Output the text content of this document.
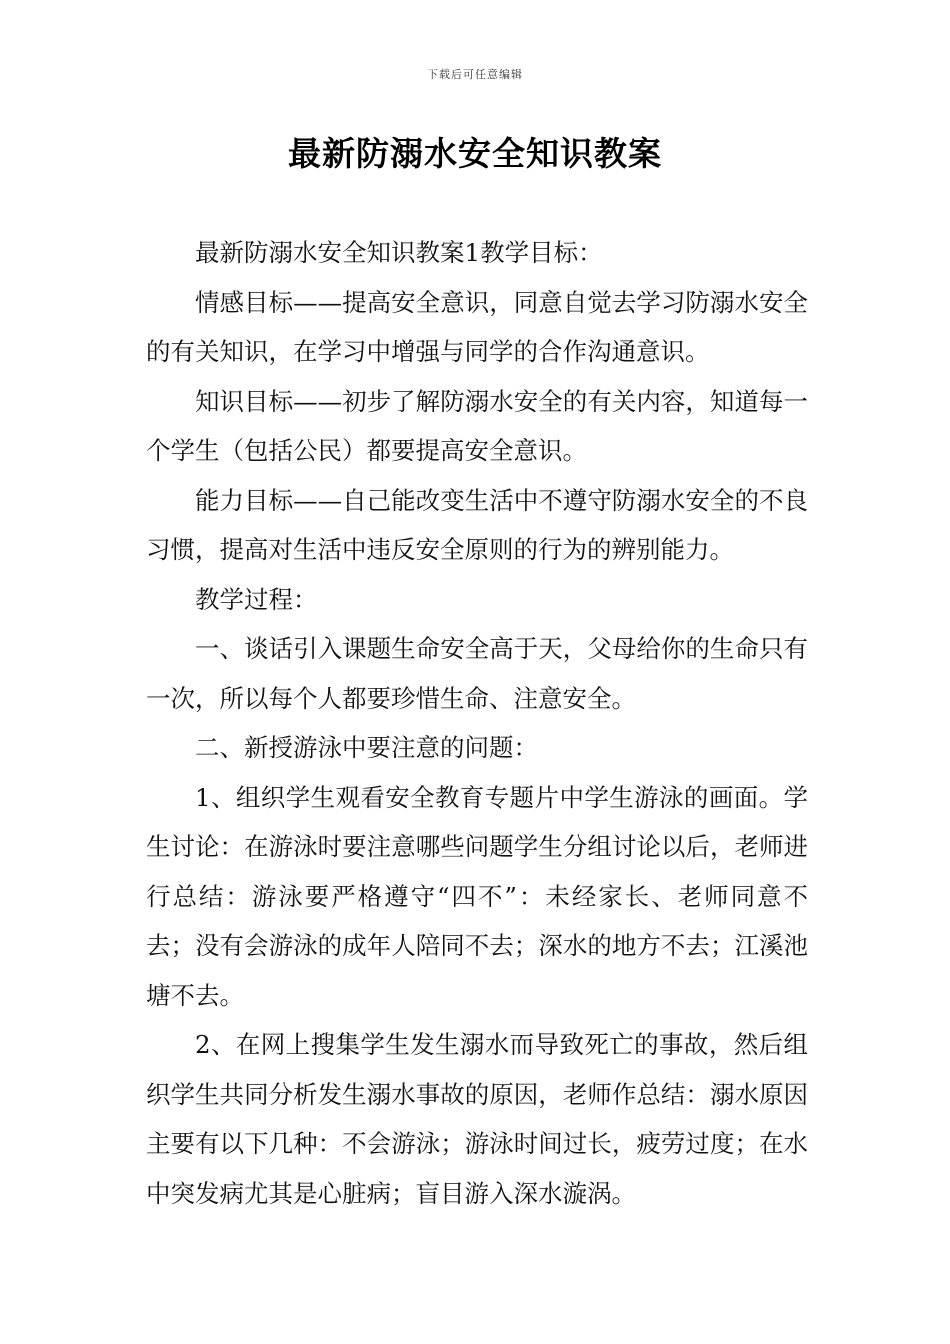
下载后可任意编辑
最新防溺水安全知识教案

最新防溺水安全知识教案1教学目标：

情感目标——提高安全意识，同意自觉去学习防溺水安全的有关知识，在学习中增强与同学的合作沟通意识。

知识目标——初步了解防溺水安全的有关内容，知道每一个学生（包括公民）都要提高安全意识。

能力目标——自己能改变生活中不遵守防溺水安全的不良习惯，提高对生活中违反安全原则的行为的辨别能力。

教学过程：

一、谈话引入课题生命安全高于天，父母给你的生命只有一次，所以每个人都要珍惜生命、注意安全。

二、新授游泳中要注意的问题：

1、组织学生观看安全教育专题片中学生游泳的画面。学生讨论：在游泳时要注意哪些问题学生分组讨论以后，老师进行总结：游泳要严格遵守“四不”：未经家长、老师同意不去；没有会游泳的成年人陪同不去；深水的地方不去；江溪池塘不去。

2、在网上搜集学生发生溺水而导致死亡的事故，然后组织学生共同分析发生溺水事故的原因，老师作总结：溺水原因主要有以下几种：不会游泳；游泳时间过长，疲劳过度；在水中突发病尤其是心脏病；盲目游入深水漩涡。
